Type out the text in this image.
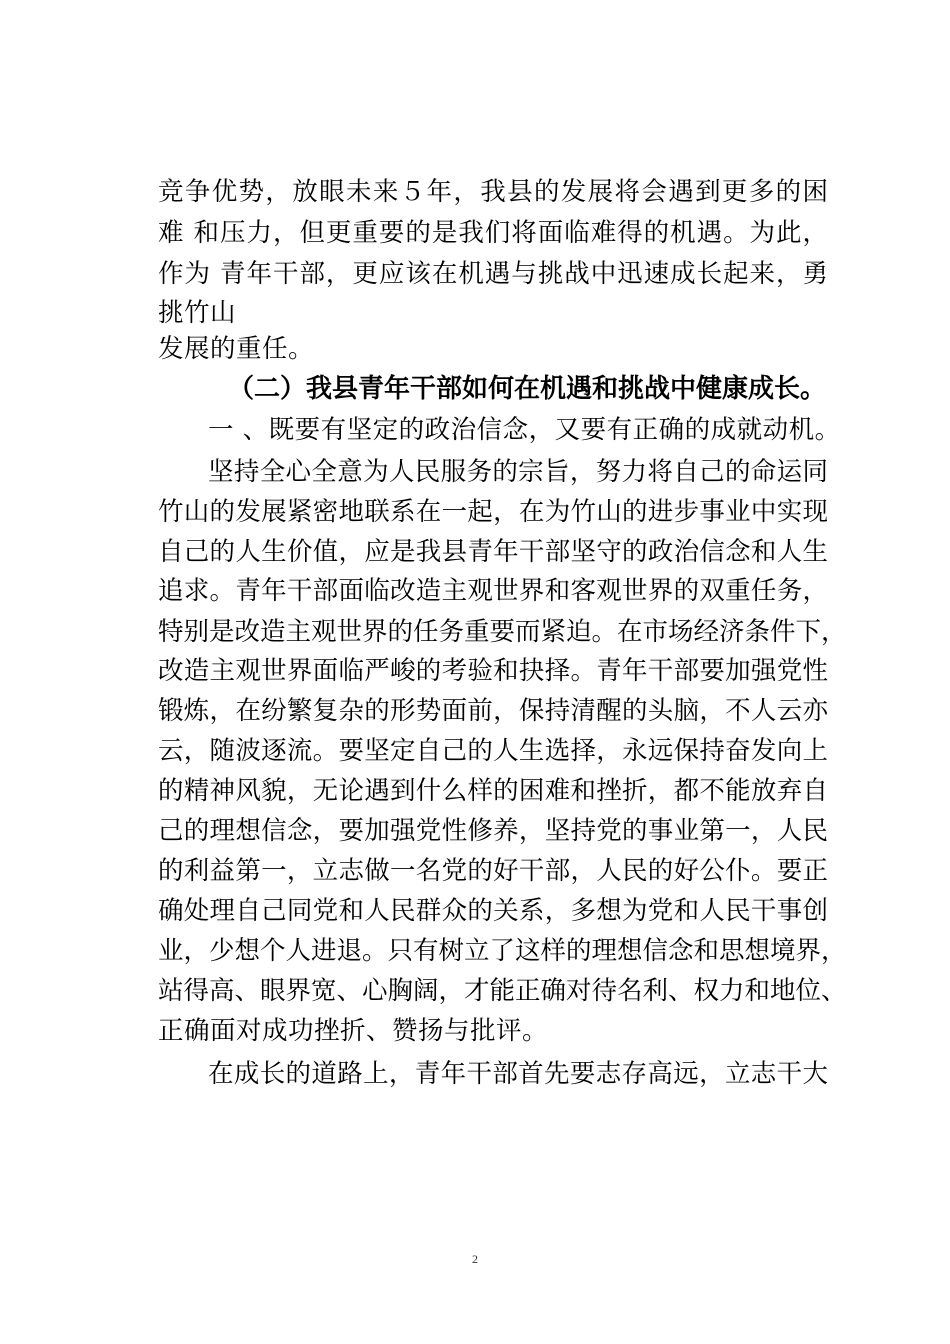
竞争优势，放眼未来５年，我县的发展将会遇到更多的困
难 和压力，但更重要的是我们将面临难得的机遇。为此，
作为 青年干部，更应该在机遇与挑战中迅速成长起来，勇
挑竹山
发展的重任。
（二）我县青年干部如何在机遇和挑战中健康成长。
一 、既要有坚定的政治信念，又要有正确的成就动机。
坚持全心全意为人民服务的宗旨，努力将自己的命运同
竹山的发展紧密地联系在一起，在为竹山的进步事业中实现
自己的人生价值，应是我县青年干部坚守的政治信念和人生
追求。青年干部面临改造主观世界和客观世界的双重任务，
特别是改造主观世界的任务重要而紧迫。在市场经济条件下，
改造主观世界面临严峻的考验和抉择。青年干部要加强党性
锻炼，在纷繁复杂的形势面前，保持清醒的头脑，不人云亦
云，随波逐流。要坚定自己的人生选择，永远保持奋发向上
的精神风貌，无论遇到什么样的困难和挫折，都不能放弃自
己的理想信念，要加强党性修养，坚持党的事业第一，人民
的利益第一，立志做一名党的好干部，人民的好公仆。要正
确处理自己同党和人民群众的关系，多想为党和人民干事创
业，少想个人进退。只有树立了这样的理想信念和思想境界，
站得高、眼界宽、心胸阔，才能正确对待名利、权力和地位、
正确面对成功挫折、赞扬与批评。
在成长的道路上，青年干部首先要志存高远，立志干大
2
